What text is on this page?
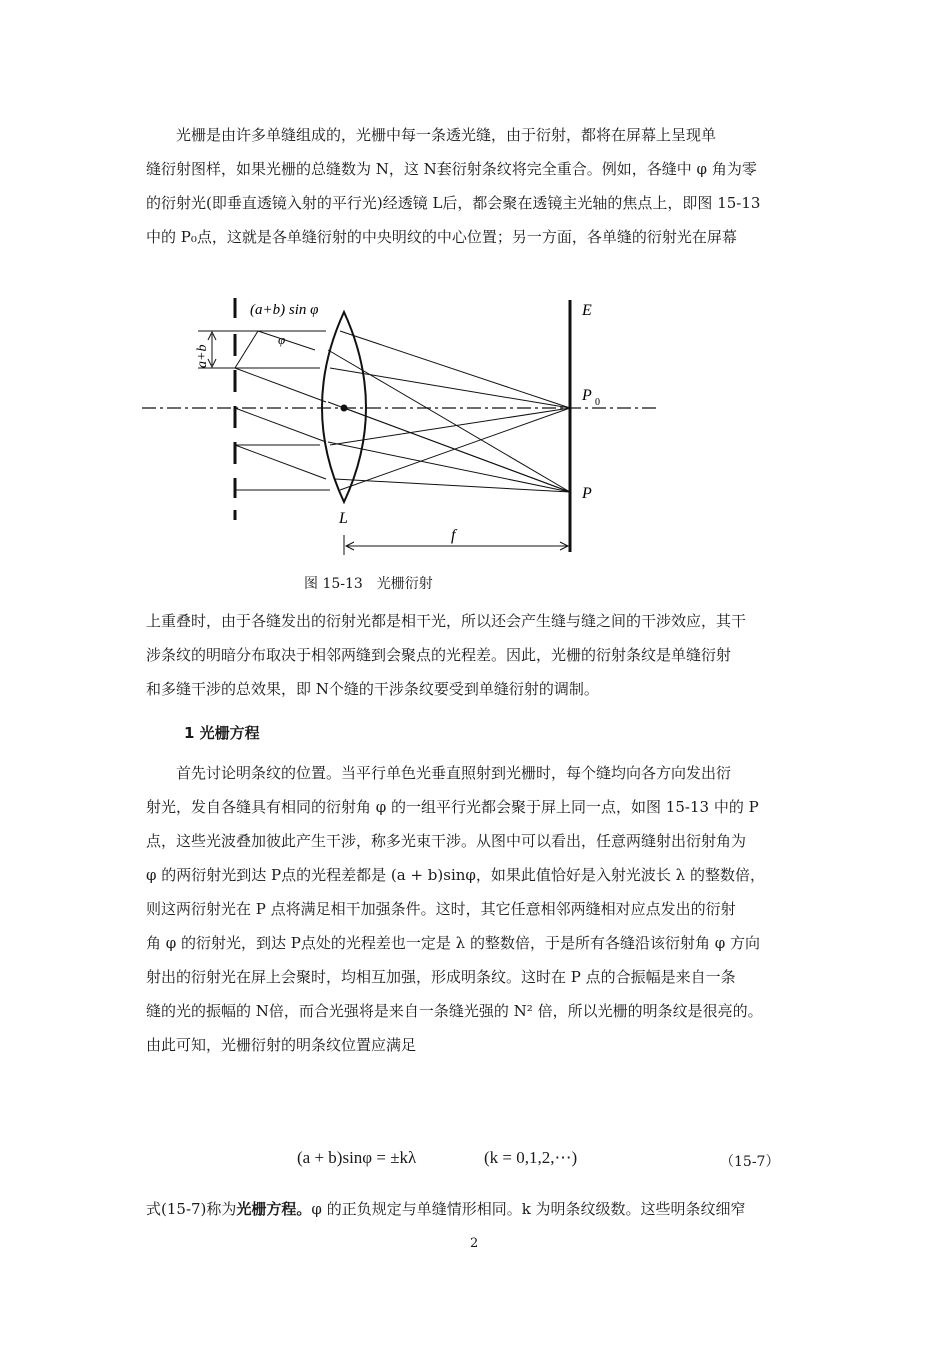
光栅是由许多单缝组成的，光栅中每一条透光缝，由于衍射，都将在屏幕上呈现单
缝衍射图样，如果光栅的总缝数为 N，这 N套衍射条纹将完全重合。例如，各缝中 φ 角为零
的衍射光(即垂直透镜入射的平行光)经透镜 L后，都会聚在透镜主光轴的焦点上，即图 15-13
中的 P₀点，这就是各单缝衍射的中央明纹的中心位置；另一方面，各单缝的衍射光在屏幕
(a+b) sin φ
φ
a+b
E
P 0
P
L
f
图 15-13　光栅衍射
上重叠时，由于各缝发出的衍射光都是相干光，所以还会产生缝与缝之间的干涉效应，其干
涉条纹的明暗分布取决于相邻两缝到会聚点的光程差。因此，光栅的衍射条纹是单缝衍射
和多缝干涉的总效果，即 N个缝的干涉条纹要受到单缝衍射的调制。
1 光栅方程
首先讨论明条纹的位置。当平行单色光垂直照射到光栅时，每个缝均向各方向发出衍
射光，发自各缝具有相同的衍射角 φ 的一组平行光都会聚于屏上同一点，如图 15-13 中的 P
点，这些光波叠加彼此产生干涉，称多光束干涉。从图中可以看出，任意两缝射出衍射角为
φ 的两衍射光到达 P点的光程差都是 (a + b)sinφ，如果此值恰好是入射光波长 λ 的整数倍，
则这两衍射光在 P 点将满足相干加强条件。这时，其它任意相邻两缝相对应点发出的衍射
角 φ 的衍射光，到达 P点处的光程差也一定是 λ 的整数倍，于是所有各缝沿该衍射角 φ 方向
射出的衍射光在屏上会聚时，均相互加强，形成明条纹。这时在 P 点的合振幅是来自一条
缝的光的振幅的 N倍，而合光强将是来自一条缝光强的 N² 倍，所以光栅的明条纹是很亮的。
由此可知，光栅衍射的明条纹位置应满足
(a + b)sinφ = ±kλ	(k = 0,1,2,⋯)	（15-7）
式(15-7)称为光栅方程。φ 的正负规定与单缝情形相同。k 为明条纹级数。这些明条纹细窄
2
